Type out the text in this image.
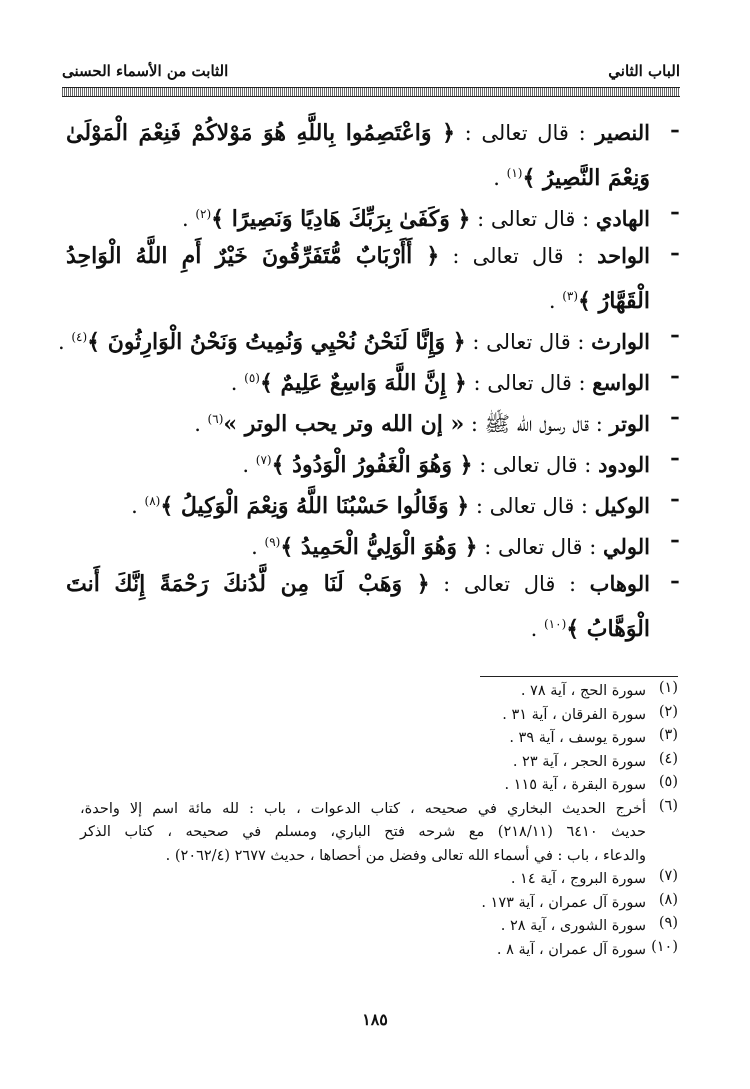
الباب الثاني
الثابت من الأسماء الحسنى
ـ
النصير : قال تعالى : ﴿ وَاعْتَصِمُوا بِاللَّهِ هُوَ مَوْلاكُمْ فَنِعْمَ الْمَوْلَىٰ
وَنِعْمَ النَّصِيرُ ﴾$^{(١)}$ .
ـ
الهادي : قال تعالى : ﴿ وَكَفَىٰ بِرَبِّكَ هَادِيًا وَنَصِيرًا ﴾$^{(٢)}$ .
ـ
الواحد : قال تعالى : ﴿ أَأَرْبَابٌ مُّتَفَرِّقُونَ خَيْرٌ أَمِ اللَّهُ الْوَاحِدُ
الْقَهَّارُ ﴾$^{(٣)}$ .
ـ
الوارث : قال تعالى : ﴿ وَإِنَّا لَنَحْنُ نُحْيِي وَنُمِيتُ وَنَحْنُ الْوَارِثُونَ ﴾$^{(٤)}$ .
ـ
الواسع : قال تعالى : ﴿ إِنَّ اللَّهَ وَاسِعٌ عَلِيمٌ ﴾$^{(٥)}$ .
ـ
الوتر : قال رسول الله ﷺ : « إن الله وتر يحب الوتر »$^{(٦)}$ .
ـ
الودود : قال تعالى : ﴿ وَهُوَ الْغَفُورُ الْوَدُودُ ﴾$^{(٧)}$ .
ـ
الوكيل : قال تعالى : ﴿ وَقَالُوا حَسْبُنَا اللَّهُ وَنِعْمَ الْوَكِيلُ ﴾$^{(٨)}$ .
ـ
الولي : قال تعالى : ﴿ وَهُوَ الْوَلِيُّ الْحَمِيدُ ﴾$^{(٩)}$ .
ـ
الوهاب : قال تعالى : ﴿ وَهَبْ لَنَا مِن لَّدُنكَ رَحْمَةً إِنَّكَ أَنتَ
الْوَهَّابُ ﴾$^{(١٠)}$ .
(١)
سورة الحج ، آية ٧٨ .
(٢)
سورة الفرقان ، آية ٣١ .
(٣)
سورة يوسف ، آية ٣٩ .
(٤)
سورة الحجر ، آية ٢٣ .
(٥)
سورة البقرة ، آية ١١٥ .
(٦)
أخرج الحديث البخاري في صحيحه ، كتاب الدعوات ، باب : لله مائة اسم إلا واحدة،
حديث ٦٤١٠ (٢١٨/١١) مع شرحه فتح الباري، ومسلم في صحيحه ، كتاب الذكر
والدعاء ، باب : في أسماء الله تعالى وفضل من أحصاها ، حديث ٢٦٧٧ (٢٠٦٢/٤) .
(٧)
سورة البروج ، آية ١٤ .
(٨)
سورة آل عمران ، آية ١٧٣ .
(٩)
سورة الشورى ، آية ٢٨ .
(١٠)
سورة آل عمران ، آية ٨ .
١٨٥
